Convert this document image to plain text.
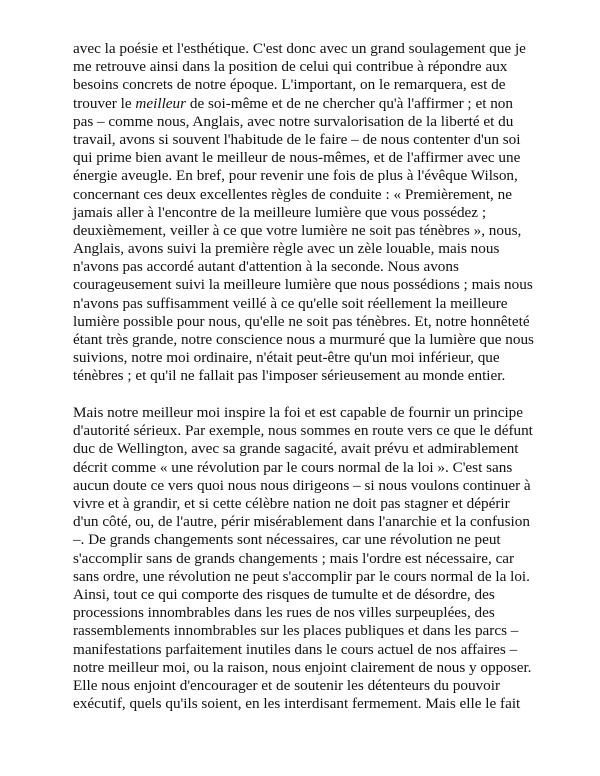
avec la poésie et l'esthétique. C'est donc avec un grand soulagement que je
me retrouve ainsi dans la position de celui qui contribue à répondre aux
besoins concrets de notre époque. L'important, on le remarquera, est de
trouver le meilleur de soi-même et de ne chercher qu'à l'affirmer ; et non
pas – comme nous, Anglais, avec notre survalorisation de la liberté et du
travail, avons si souvent l'habitude de le faire – de nous contenter d'un soi
qui prime bien avant le meilleur de nous-mêmes, et de l'affirmer avec une
énergie aveugle. En bref, pour revenir une fois de plus à l'évêque Wilson,
concernant ces deux excellentes règles de conduite : « Premièrement, ne
jamais aller à l'encontre de la meilleure lumière que vous possédez ;
deuxièmement, veiller à ce que votre lumière ne soit pas ténèbres », nous,
Anglais, avons suivi la première règle avec un zèle louable, mais nous
n'avons pas accordé autant d'attention à la seconde. Nous avons
courageusement suivi la meilleure lumière que nous possédions ; mais nous
n'avons pas suffisamment veillé à ce qu'elle soit réellement la meilleure
lumière possible pour nous, qu'elle ne soit pas ténèbres. Et, notre honnêteté
étant très grande, notre conscience nous a murmuré que la lumière que nous
suivions, notre moi ordinaire, n'était peut-être qu'un moi inférieur, que
ténèbres ; et qu'il ne fallait pas l'imposer sérieusement au monde entier.
Mais notre meilleur moi inspire la foi et est capable de fournir un principe
d'autorité sérieux. Par exemple, nous sommes en route vers ce que le défunt
duc de Wellington, avec sa grande sagacité, avait prévu et admirablement
décrit comme « une révolution par le cours normal de la loi ». C'est sans
aucun doute ce vers quoi nous nous dirigeons – si nous voulons continuer à
vivre et à grandir, et si cette célèbre nation ne doit pas stagner et dépérir
d'un côté, ou, de l'autre, périr misérablement dans l'anarchie et la confusion
–. De grands changements sont nécessaires, car une révolution ne peut
s'accomplir sans de grands changements ; mais l'ordre est nécessaire, car
sans ordre, une révolution ne peut s'accomplir par le cours normal de la loi.
Ainsi, tout ce qui comporte des risques de tumulte et de désordre, des
processions innombrables dans les rues de nos villes surpeuplées, des
rassemblements innombrables sur les places publiques et dans les parcs –
manifestations parfaitement inutiles dans le cours actuel de nos affaires –
notre meilleur moi, ou la raison, nous enjoint clairement de nous y opposer.
Elle nous enjoint d'encourager et de soutenir les détenteurs du pouvoir
exécutif, quels qu'ils soient, en les interdisant fermement. Mais elle le fait
